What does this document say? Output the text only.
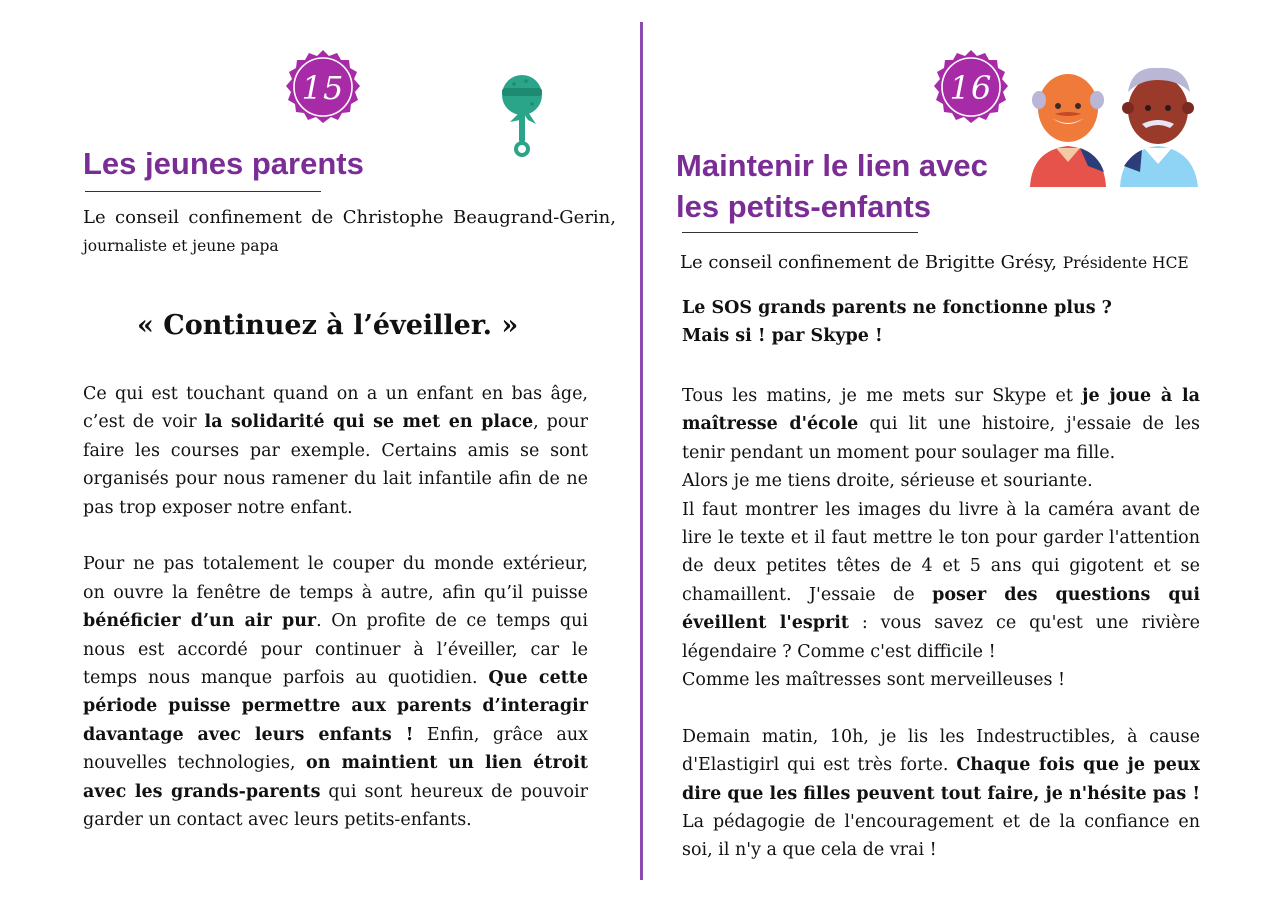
15
Les jeunes parents
Le conseil confinement de Christophe Beaugrand-Gerin, journaliste et jeune papa
« Continuez à l’éveiller. »

Ce qui est touchant quand on a un enfant en bas âge, c’est de voir la solidarité qui se met en place, pour faire les courses par exemple. Certains amis se sont organisés pour nous ramener du lait infantile afin de ne pas trop exposer notre enfant.

Pour ne pas totalement le couper du monde extérieur, on ouvre la fenêtre de temps à autre, afin qu’il puisse bénéficier d’un air pur. On profite de ce temps qui nous est accordé pour continuer à l’éveiller, car le temps nous manque parfois au quotidien. Que cette période puisse permettre aux parents d’interagir davantage avec leurs enfants ! Enfin, grâce aux nouvelles technologies, on maintient un lien étroit avec les grands-parents qui sont heureux de pouvoir garder un contact avec leurs petits-enfants.

16
Maintenir le lien avec
les petits-enfants
Le conseil confinement de Brigitte Grésy, Présidente HCE

Le SOS grands parents ne fonctionne plus ?

Mais si ! par Skype !

Tous les matins, je me mets sur Skype et je joue à la maîtresse d'école qui lit une histoire, j'essaie de les tenir pendant un moment pour soulager ma fille.

Alors je me tiens droite, sérieuse et souriante.

Il faut montrer les images du livre à la caméra avant de lire le texte et il faut mettre le ton pour garder l'attention de deux petites têtes de 4 et 5 ans qui gigotent et se chamaillent. J'essaie de poser des questions qui éveillent l'esprit : vous savez ce qu'est une rivière légendaire ? Comme c'est difficile !

Comme les maîtresses sont merveilleuses !

Demain matin, 10h, je lis les Indestructibles, à cause d'Elastigirl qui est très forte. Chaque fois que je peux dire que les filles peuvent tout faire, je n'hésite pas ! La pédagogie de l'encouragement et de la confiance en soi, il n'y a que cela de vrai !
